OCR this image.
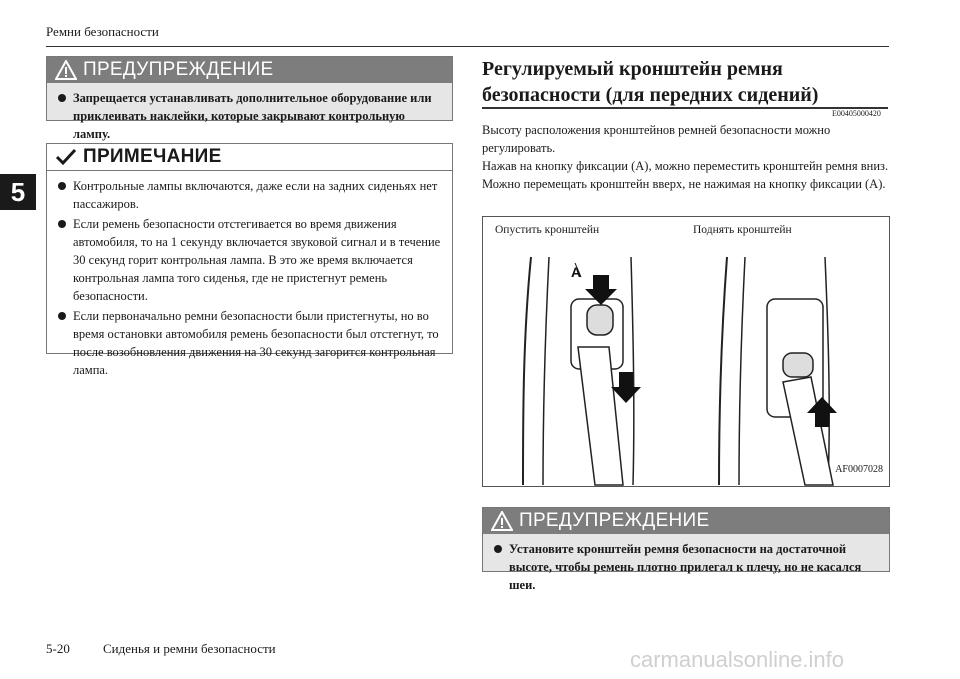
Ремни безопасности
5
ПРЕДУПРЕЖДЕНИЕ
Запрещается устанавливать дополнительное оборудование или приклеивать наклейки, которые закрывают контрольную лампу.
ПРИМЕЧАНИЕ
Контрольные лампы включаются, даже если на задних сиденьях нет пассажиров.
Если ремень безопасности отстегивается во время движения автомобиля, то на 1 секунду включается звуковой сигнал и в течение 30 секунд горит контрольная лампа. В это же время включается контрольная лампа того сиденья, где не пристегнут ремень безопасности.
Если первоначально ремни безопасности были пристегнуты, но во время остановки автомобиля ремень безопасности был отстегнут, то после возобновления движения на 30 секунд загорится контрольная лампа.
Регулируемый кронштейн ремня безопасности (для передних сидений)
E00405000420
Высоту расположения кронштейнов ремней безопасности можно регулировать.
Нажав на кнопку фиксации (A), можно переместить кронштейн ремня вниз. Можно перемещать кронштейн вверх, не нажимая на кнопку фиксации (A).
Опустить кронштейн	Поднять кронштейн
A
AF0007028
ПРЕДУПРЕЖДЕНИЕ
Установите кронштейн ремня безопасности на достаточной высоте, чтобы ремень плотно прилегал к плечу, но не касался шеи.
5-20	Сиденья и ремни безопасности	carmanualsonline.info
